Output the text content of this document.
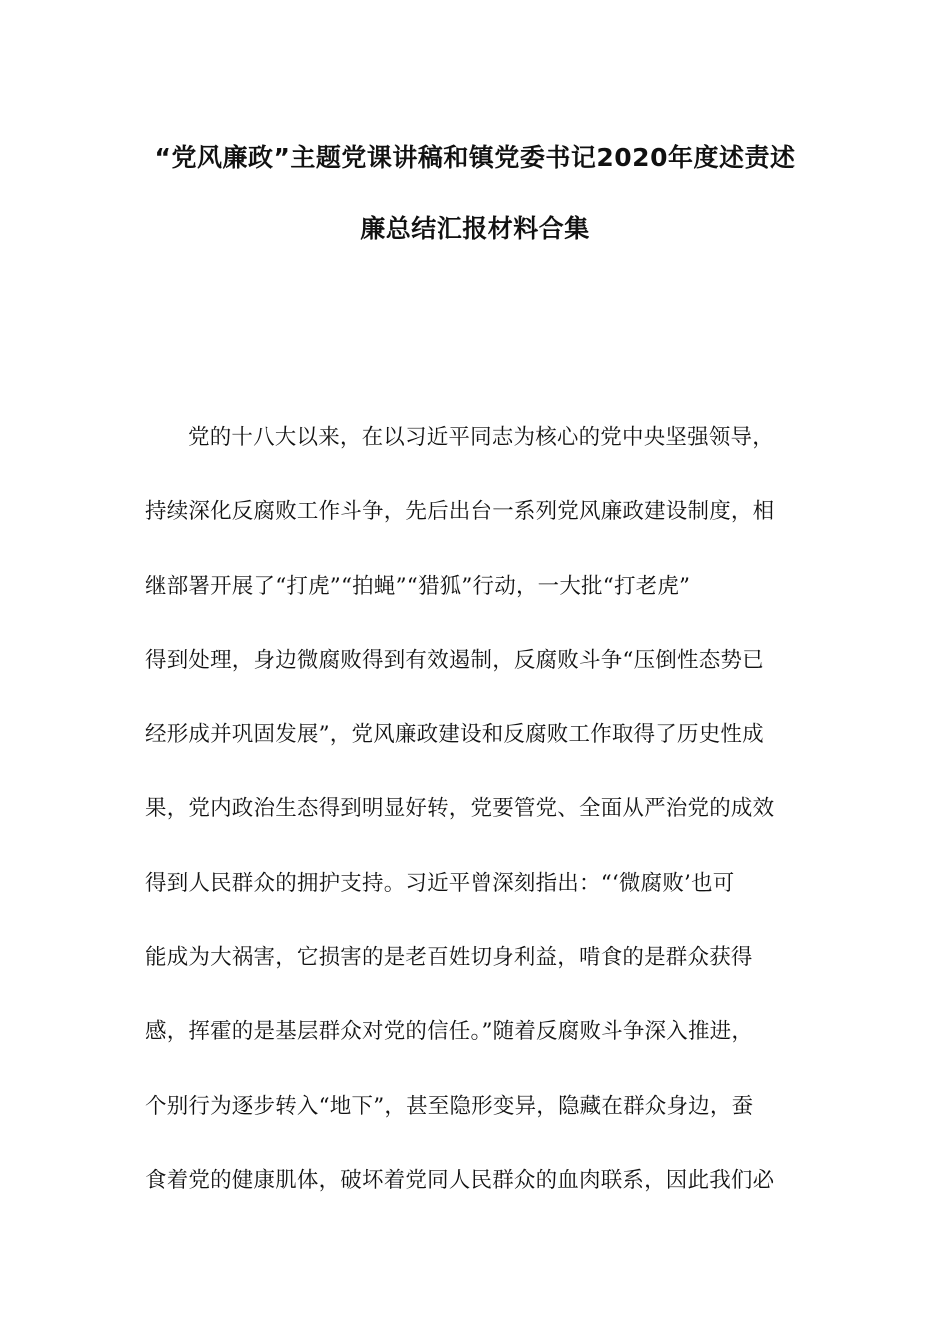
“党风廉政”主题党课讲稿和镇党委书记2020年度述责述
廉总结汇报材料合集
党的十八大以来，在以习近平同志为核心的党中央坚强领导，
持续深化反腐败工作斗争，先后出台一系列党风廉政建设制度，相
继部署开展了“打虎”“拍蝇”“猎狐”行动，一大批“打老虎”
得到处理，身边微腐败得到有效遏制，反腐败斗争“压倒性态势已
经形成并巩固发展”，党风廉政建设和反腐败工作取得了历史性成
果，党内政治生态得到明显好转，党要管党、全面从严治党的成效
得到人民群众的拥护支持。习近平曾深刻指出：“‘微腐败’也可
能成为大祸害，它损害的是老百姓切身利益，啃食的是群众获得
感，挥霍的是基层群众对党的信任。”随着反腐败斗争深入推进，
个别行为逐步转入“地下”，甚至隐形变异，隐藏在群众身边，蚕
食着党的健康肌体，破坏着党同人民群众的血肉联系，因此我们必
